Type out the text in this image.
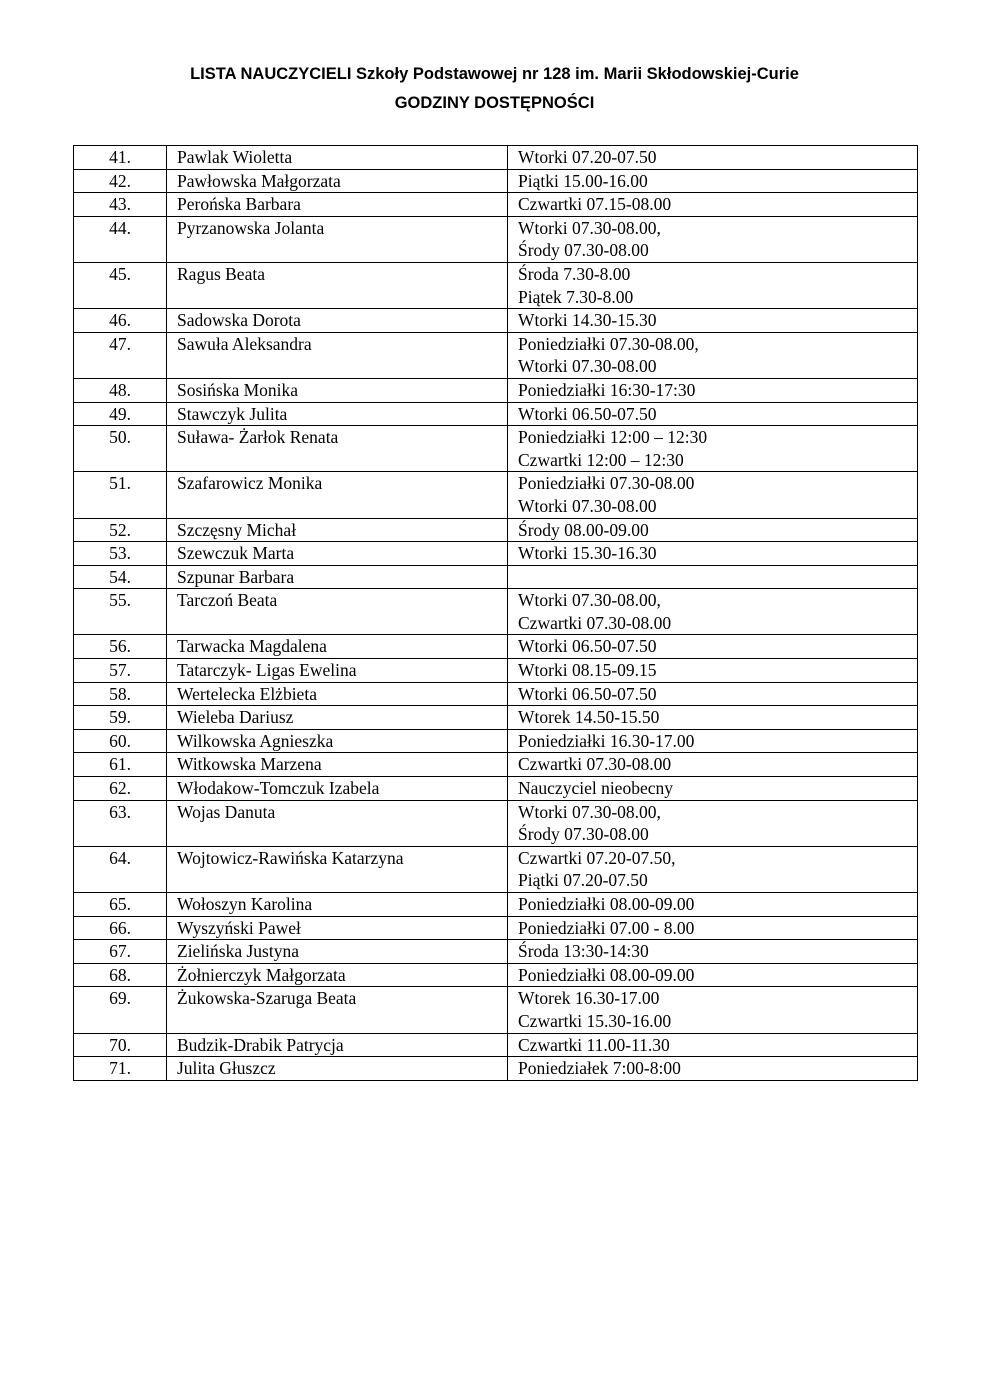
LISTA NAUCZYCIELI Szkoły Podstawowej nr 128 im. Marii Skłodowskiej-Curie
GODZINY DOSTĘPNOŚCI
41.	Pawlak Wioletta	Wtorki 07.20-07.50

42.	Pawłowska Małgorzata	Piątki 15.00-16.00

43.	Perońska Barbara	Czwartki 07.15-08.00

44.	Pyrzanowska Jolanta	Wtorki 07.30-08.00,
Środy 07.30-08.00

45.	Ragus Beata	Środa 7.30-8.00
Piątek 7.30-8.00

46.	Sadowska Dorota	Wtorki 14.30-15.30

47.	Sawuła Aleksandra	Poniedziałki 07.30-08.00,
Wtorki 07.30-08.00

48.	Sosińska Monika	Poniedziałki 16:30-17:30

49.	Stawczyk Julita	Wtorki 06.50-07.50

50.	Suława- Żarłok Renata	Poniedziałki 12:00 – 12:30
Czwartki 12:00 – 12:30

51.	Szafarowicz Monika	Poniedziałki 07.30-08.00
Wtorki 07.30-08.00

52.	Szczęsny Michał	Środy 08.00-09.00

53.	Szewczuk Marta	Wtorki 15.30-16.30

54.	Szpunar Barbara	

55.	Tarczoń Beata	Wtorki 07.30-08.00,
Czwartki 07.30-08.00

56.	Tarwacka Magdalena	Wtorki 06.50-07.50

57.	Tatarczyk- Ligas Ewelina	Wtorki 08.15-09.15

58.	Wertelecka Elżbieta	Wtorki 06.50-07.50

59.	Wieleba Dariusz	Wtorek 14.50-15.50

60.	Wilkowska Agnieszka	Poniedziałki 16.30-17.00

61.	Witkowska Marzena	Czwartki 07.30-08.00

62.	Włodakow-Tomczuk Izabela	Nauczyciel nieobecny

63.	Wojas Danuta	Wtorki 07.30-08.00,
Środy 07.30-08.00

64.	Wojtowicz-Rawińska Katarzyna	Czwartki 07.20-07.50,
Piątki 07.20-07.50

65.	Wołoszyn Karolina	Poniedziałki 08.00-09.00

66.	Wyszyński Paweł	Poniedziałki 07.00 - 8.00

67.	Zielińska Justyna	Środa 13:30-14:30

68.	Żołnierczyk Małgorzata	Poniedziałki 08.00-09.00

69.	Żukowska-Szaruga Beata	Wtorek 16.30-17.00
Czwartki 15.30-16.00

70.	Budzik-Drabik Patrycja	Czwartki 11.00-11.30

71.	Julita Głuszcz	Poniedziałek 7:00-8:00
